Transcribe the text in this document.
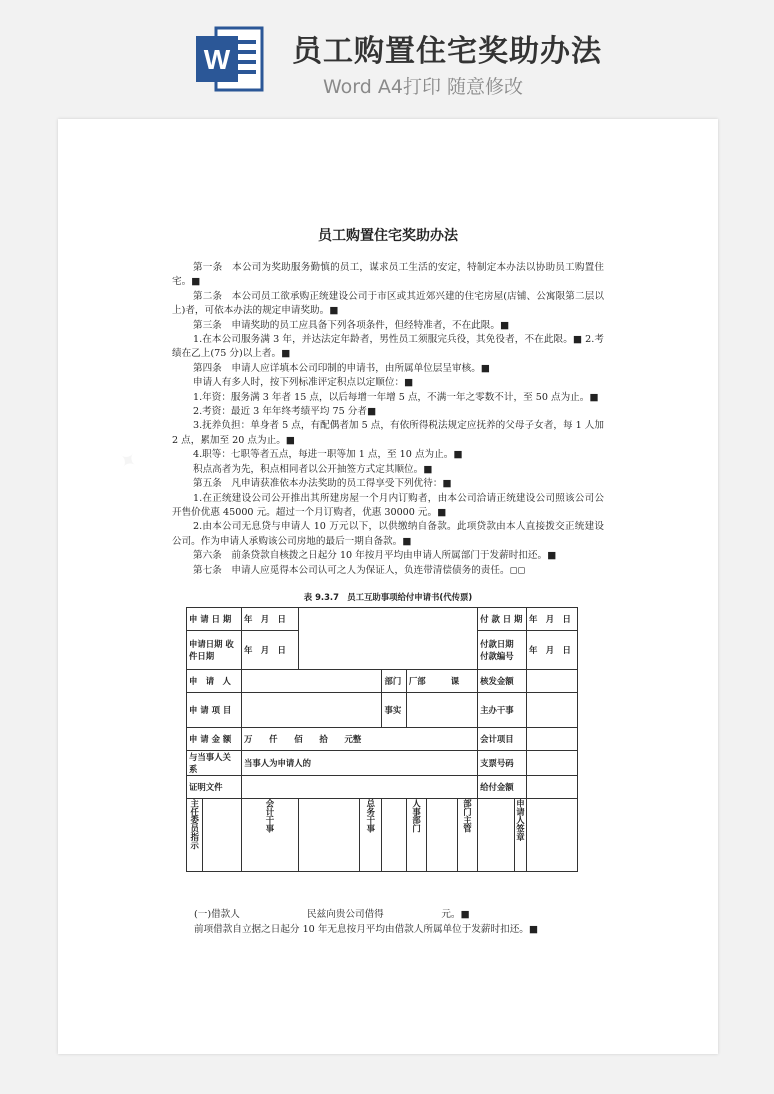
W 员工购置住宅奖助办法
Word A4打印 随意修改
员工购置住宅奖助办法

第一条　本公司为奖助服务勤慎的员工，谋求员工生活的安定，特制定本办法以协助员工购置住宅。■

第二条　本公司员工欲承购正统建设公司于市区或其近郊兴建的住宅房屋(店铺、公寓限第二层以上)者，可依本办法的规定申请奖助。■

第三条　申请奖助的员工应具备下列各项条件，但经特准者，不在此限。■

1.在本公司服务满 3 年，并达法定年龄者，男性员工须服完兵役，其免役者，不在此限。■ 2.考绩在乙上(75 分)以上者。■

第四条　申请人应详填本公司印制的申请书，由所属单位层呈审核。■

申请人有多人时，按下列标准评定积点以定顺位：■

1.年资：服务满 3 年者 15 点，以后每增一年增 5 点，不满一年之零数不计，至 50 点为止。■

2.考资：最近 3 年年终考绩平均 75 分者■

3.抚养负担：单身者 5 点，有配偶者加 5 点，有依所得税法规定应抚养的父母子女者，每 1 人加 2 点，累加至 20 点为止。■

4.职等：七职等者五点，每进一职等加 1 点，至 10 点为止。■

积点高者为先，积点相同者以公开抽签方式定其顺位。■

第五条　凡申请获准依本办法奖助的员工得享受下列优待：■

1.在正统建设公司公开推出其所建房屋一个月内订购者，由本公司洽请正统建设公司照该公司公开售价优惠 45000 元。超过一个月订购者，优惠 30000 元。■

2.由本公司无息贷与申请人 10 万元以下，以供缴纳自备款。此项贷款由本人直接拨交正统建设公司。作为申请人承购该公司房地的最后一期自备款。■

第六条　前条贷款自核拨之日起分 10 年按月平均由申请人所属部门于发薪时扣还。■

第七条　申请人应觅得本公司认可之人为保证人，负连带清偿债务的责任。◻◻

表 9.3.7　员工互助事项给付申请书(代传票)
申 请 日 期		年　月　日							付 款 日 期		年　月　日
申请日期 收件日期		年　月　日							付款日期 付款编号		年　月　日
申　请　人					部门	厂部　　　课			核发金额		
申 请 项 目					事实				主办干事		
申 请 金 额		万　　仟　　佰　　拾　　元整							会计项目		
与当事人关系		当事人为申请人的							支票号码		
证明文件									给付金额		
主任委员指示		会计干事		总务干事		人事部门		部门主管		申请人签章	
(一)借款人　　　　　　　民兹向贵公司借得　　　　　　元。■
前项借款自立据之日起分 10 年无息按月平均由借款人所属单位于发薪时扣还。■
